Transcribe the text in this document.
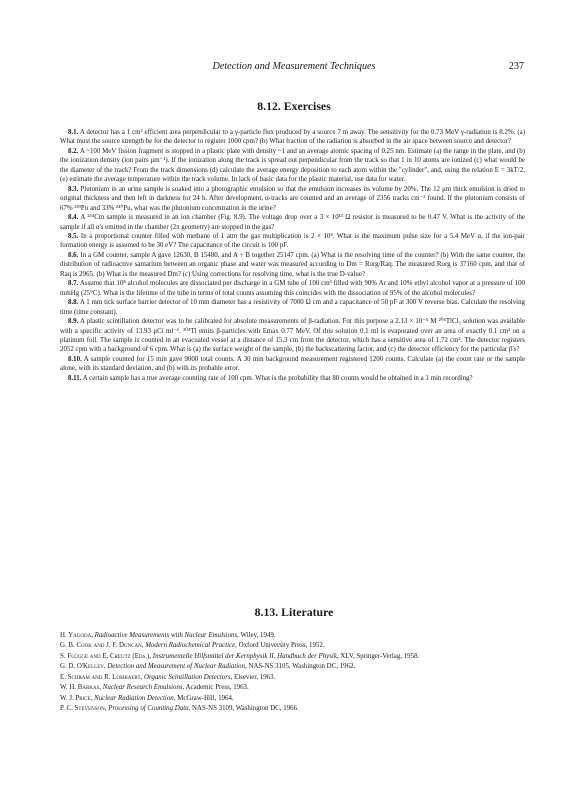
Detection and Measurement Techniques	237
8.12. Exercises

8.1. A detector has a 1 cm² efficient area perpendicular to a γ-particle flux produced by a source 7 m away. The sensitivity for the 0.73 MeV γ-radiation is 8.2%. (a) What must the source strength be for the detector to register 1000 cpm? (b) What fraction of the radiation is absorbed in the air space between source and detector?

8.2. A ~100 MeV fission fragment is stopped in a plastic plate with density ~1 and an average atomic spacing of 0.25 nm. Estimate (a) the range in the plate, and (b) the ionization density (ion pairs μm⁻¹). If the ionization along the track is spread out perpendicular from the track so that 1 in 10 atoms are ionized (c) what would be the diameter of the track? From the track dimensions (d) calculate the average energy deposition to each atom within the "cylinder", and, using the relation E = 3kT/2, (e) estimate the average temperature within the track volume. In lack of basic data for the plastic material, use data for water.

8.3. Plutonium in an urine sample is soaked into a photographic emulsion so that the emulsion increases its volume by 20%. The 12 μm thick emulsion is dried to original thickness and then left in darkness for 24 h. After development, α-tracks are counted and an average of 2356 tracks cm⁻² found. If the plutonium consists of 67% ²³⁹Pu and 33% ²⁴⁰Pu, what was the plutonium concentration in the urine?

8.4. A ²⁴⁴Cm sample is measured in an ion chamber (Fig. 8.9). The voltage drop over a 3 × 10¹³ Ω resistor is measured to be 0.47 V. What is the activity of the sample if all α's emitted in the chamber (2π geometry) are stopped in the gas?

8.5. In a proportional counter filled with methane of 1 atm the gas multiplication is 2 × 10⁴. What is the maximum pulse size for a 5.4 MeV α, if the ion-pair formation energy is assumed to be 30 eV? The capacitance of the circuit is 100 pF.

8.6. In a GM counter, sample A gave 12630, B 15480, and A + B together 25147 cpm. (a) What is the resolving time of the counter? (b) With the same counter, the distribution of radioactive samarium between an organic phase and water was measured according to Dm = Rorg/Raq. The measured Rorg is 37160 cpm, and that of Raq is 2965. (b) What is the measured Dm? (c) Using corrections for resolving time, what is the true D-value?

8.7. Assume that 10⁸ alcohol molecules are dissociated per discharge in a GM tube of 100 cm³ filled with 90% Ar and 10% ethyl alcohol vapor at a pressure of 100 mmHg (25°C). What is the lifetime of the tube in terms of total counts assuming this coincides with the dissociation of 95% of the alcohol molecules?

8.8. A 1 mm tick surface barrier detector of 10 mm diameter has a resistivity of 7000 Ω cm and a capacitance of 50 pF at 300 V reverse bias. Calculate the resolving time (time constant).

8.9. A plastic scintillation detector was to be calibrated for absolute measurements of β-radiation. For this purpose a 2.13 × 10⁻⁵ M ²⁰⁴TlCl₃ solution was available with a specific activity of 13.93 μCi ml⁻¹. ²⁰⁴Tl emits β-particles with Emax 0.77 MeV. Of this solution 0.1 ml is evaporated over an area of exactly 0.1 cm² on a platinum foil. The sample is counted in an evacuated vessel at a distance of 15.3 cm from the detector, which has a sensitive area of 1.72 cm². The detector registers 2052 cpm with a background of 6 cpm. What is (a) the surface weight of the sample, (b) the backscattering factor, and (c) the detector efficiency for the particular β's?

8.10. A sample counted for 15 min gave 9000 total counts. A 30 min background measurement registered 1200 counts. Calculate (a) the count rate or the sample alone, with its standard deviation, and (b) with its probable error.

8.11. A certain sample has a true average counting rate of 100 cpm. What is the probability that 80 counts would be obtained in a 1 min recording?

8.13. Literature

H. Yagoda, Radioactive Measurements with Nuclear Emulsions, Wiley, 1949.

G. B. Cook and J. F. Duncan, Modern Radiochemical Practice, Oxford University Press, 1952.

S. Flügge and E. Creutz (Eds.), Instrumentelle Hilfsmittel der Kernphysik II. Handbuch der Physik, XLV, Springer-Verlag, 1958.

G. D. O'Kelley, Detection and Measurement of Nuclear Radiation, NAS-NS 3105, Washington DC, 1962.

E. Schram and R. Lombaert, Organic Scintillation Detectors, Elsevier, 1963.

W. H. Barkas, Nuclear Research Emulsions, Academic Press, 1963.

W. J. Price, Nuclear Radiation Detection, McGraw-Hill, 1964.

P. C. Stevenson, Processing of Counting Data, NAS-NS 3109, Washington DC, 1966.
